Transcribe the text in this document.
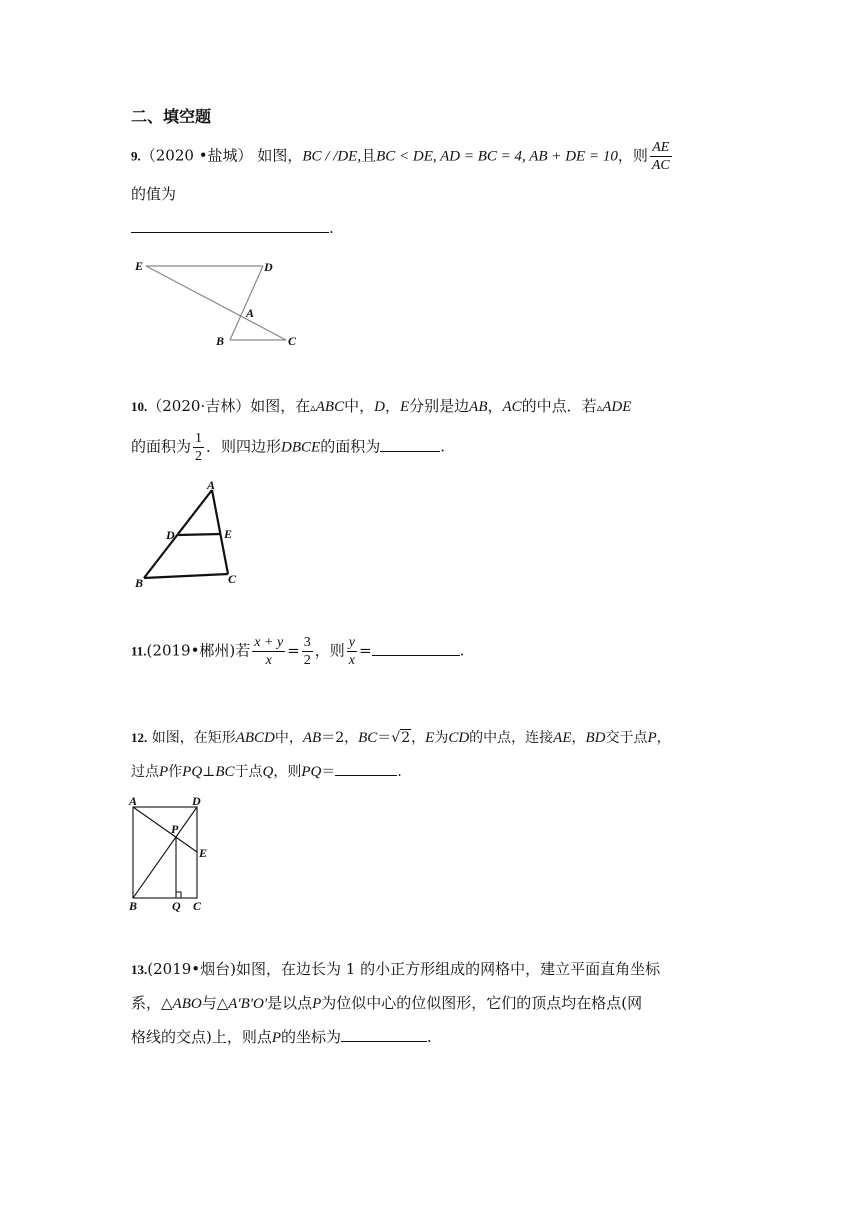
二、填空题
9.（2020 •盐城） 如图，BC / /DE,且BC < DE, AD = BC = 4, AB + DE = 10，则 $\frac{AE}{AC}$
的值为
.
E	D
A
B	C
10.（2020·吉林）如图，在▵ABC中，D，E分别是边AB，AC的中点．若▵ADE
的面积为 $\frac{1}{2}$ ．则四边形DBCE的面积为	.
A
D	E
B	C
11.(2019•郴州)若 $\frac{x + y}{x} = \frac{3}{2}$ ，则 $\frac{y}{x}$ =	.
12. 如图，在矩形ABCD中，AB＝2，BC＝√2，E为CD的中点，连接AE，BD交于点P，
过点P作PQ⊥BC于点Q，则PQ＝	.
A	D
P
E
B	Q C
13.(2019•烟台)如图，在边长为 1 的小正方形组成的网格中，建立平面直角坐标
系，△ABO与△A'B'O'是以点P为位似中心的位似图形，它们的顶点均在格点(网
格线的交点)上，则点P的坐标为	.
